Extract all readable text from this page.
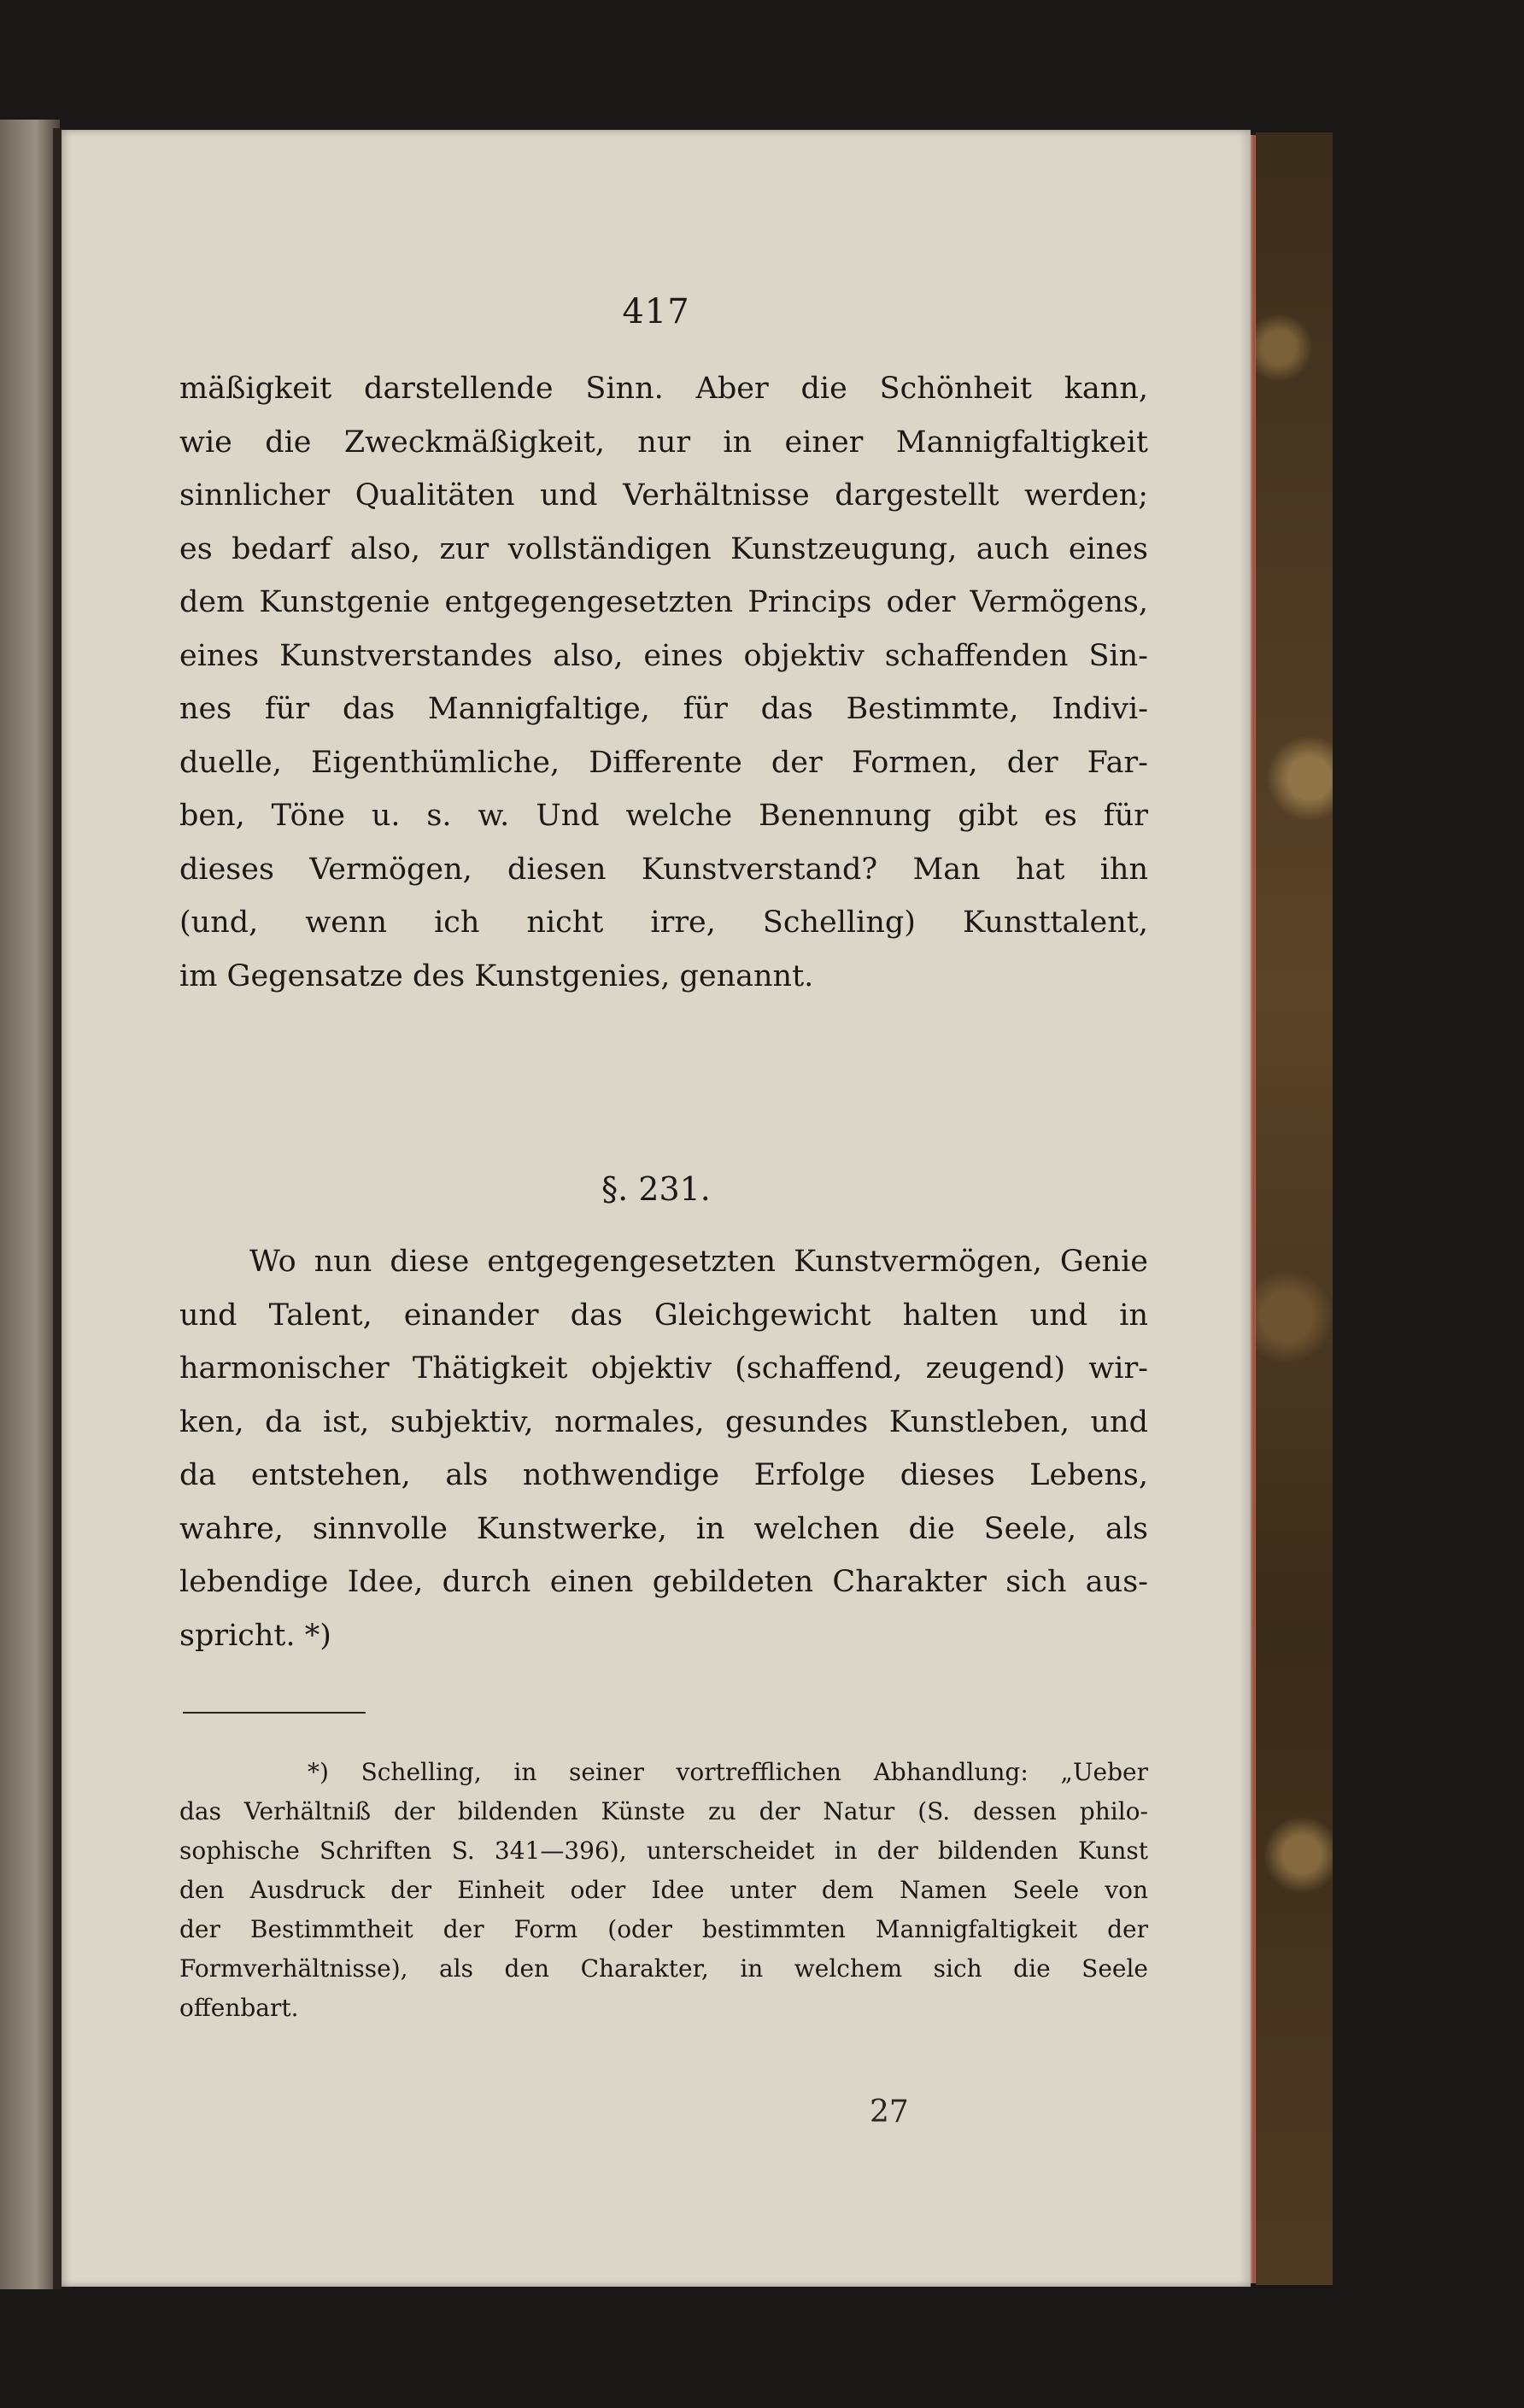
417
mäßigkeit darstellende Sinn. Aber die Schönheit kann,
wie die Zweckmäßigkeit, nur in einer Mannigfaltigkeit
sinnlicher Qualitäten und Verhältnisse dargestellt werden;
es bedarf also, zur vollständigen Kunstzeugung, auch eines
dem Kunstgenie entgegengesetzten Princips oder Vermögens,
eines Kunstverstandes also, eines objektiv schaffenden Sin-
nes für das Mannigfaltige, für das Bestimmte, Indivi-
duelle, Eigenthümliche, Differente der Formen, der Far-
ben, Töne u. s. w. Und welche Benennung gibt es für
dieses Vermögen, diesen Kunstverstand? Man hat ihn
(und, wenn ich nicht irre, Schelling) Kunsttalent,
im Gegensatze des Kunstgenies, genannt.
§. 231.
Wo nun diese entgegengesetzten Kunstvermögen, Genie
und Talent, einander das Gleichgewicht halten und in
harmonischer Thätigkeit objektiv (schaffend, zeugend) wir-
ken, da ist, subjektiv, normales, gesundes Kunstleben, und
da entstehen, als nothwendige Erfolge dieses Lebens,
wahre, sinnvolle Kunstwerke, in welchen die Seele, als
lebendige Idee, durch einen gebildeten Charakter sich aus-
spricht. *)
*) Schelling, in seiner vortrefflichen Abhandlung: „Ueber
das Verhältniß der bildenden Künste zu der Natur (S. dessen philo-
sophische Schriften S. 341—396), unterscheidet in der bildenden Kunst
den Ausdruck der Einheit oder Idee unter dem Namen Seele von
der Bestimmtheit der Form (oder bestimmten Mannigfaltigkeit der
Formverhältnisse), als den Charakter, in welchem sich die Seele
offenbart.
27
